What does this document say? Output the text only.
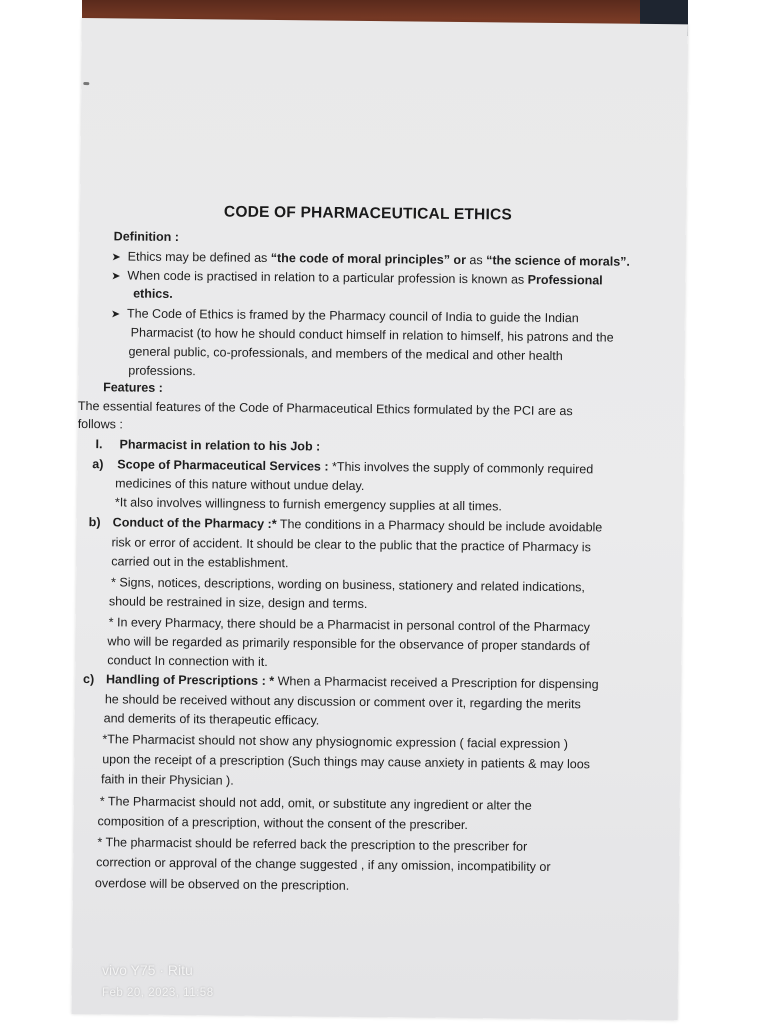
CODE OF PHARMACEUTICAL ETHICS
Definition :
➤ Ethics may be defined as “the code of moral principles” or as “the science of morals”.
➤ When code is practised in relation to a particular profession is known as Professional
ethics.
➤ The Code of Ethics is framed by the Pharmacy council of India to guide the Indian
Pharmacist (to how he should conduct himself in relation to himself, his patrons and the
general public, co-professionals, and members of the medical and other health
professions.
Features :
The essential features of the Code of Pharmaceutical Ethics formulated by the PCI are as
follows :
I. Pharmacist in relation to his Job :
a) Scope of Pharmaceutical Services : *This involves the supply of commonly required
medicines of this nature without undue delay.
*It also involves willingness to furnish emergency supplies at all times.
b) Conduct of the Pharmacy :* The conditions in a Pharmacy should be include avoidable
risk or error of accident. It should be clear to the public that the practice of Pharmacy is
carried out in the establishment.
* Signs, notices, descriptions, wording on business, stationery and related indications,
should be restrained in size, design and terms.
* In every Pharmacy, there should be a Pharmacist in personal control of the Pharmacy
who will be regarded as primarily responsible for the observance of proper standards of
conduct In connection with it.
c) Handling of Prescriptions : * When a Pharmacist received a Prescription for dispensing
he should be received without any discussion or comment over it, regarding the merits
and demerits of its therapeutic efficacy.
*The Pharmacist should not show any physiognomic expression ( facial expression )
upon the receipt of a prescription (Such things may cause anxiety in patients & may loos
faith in their Physician ).
* The Pharmacist should not add, omit, or substitute any ingredient or alter the
composition of a prescription, without the consent of the prescriber.
* The pharmacist should be referred back the prescription to the prescriber for
correction or approval of the change suggested , if any omission, incompatibility or
overdose will be observed on the prescription.
vivo Y75 · Ritu
Feb 20, 2023, 11:58
